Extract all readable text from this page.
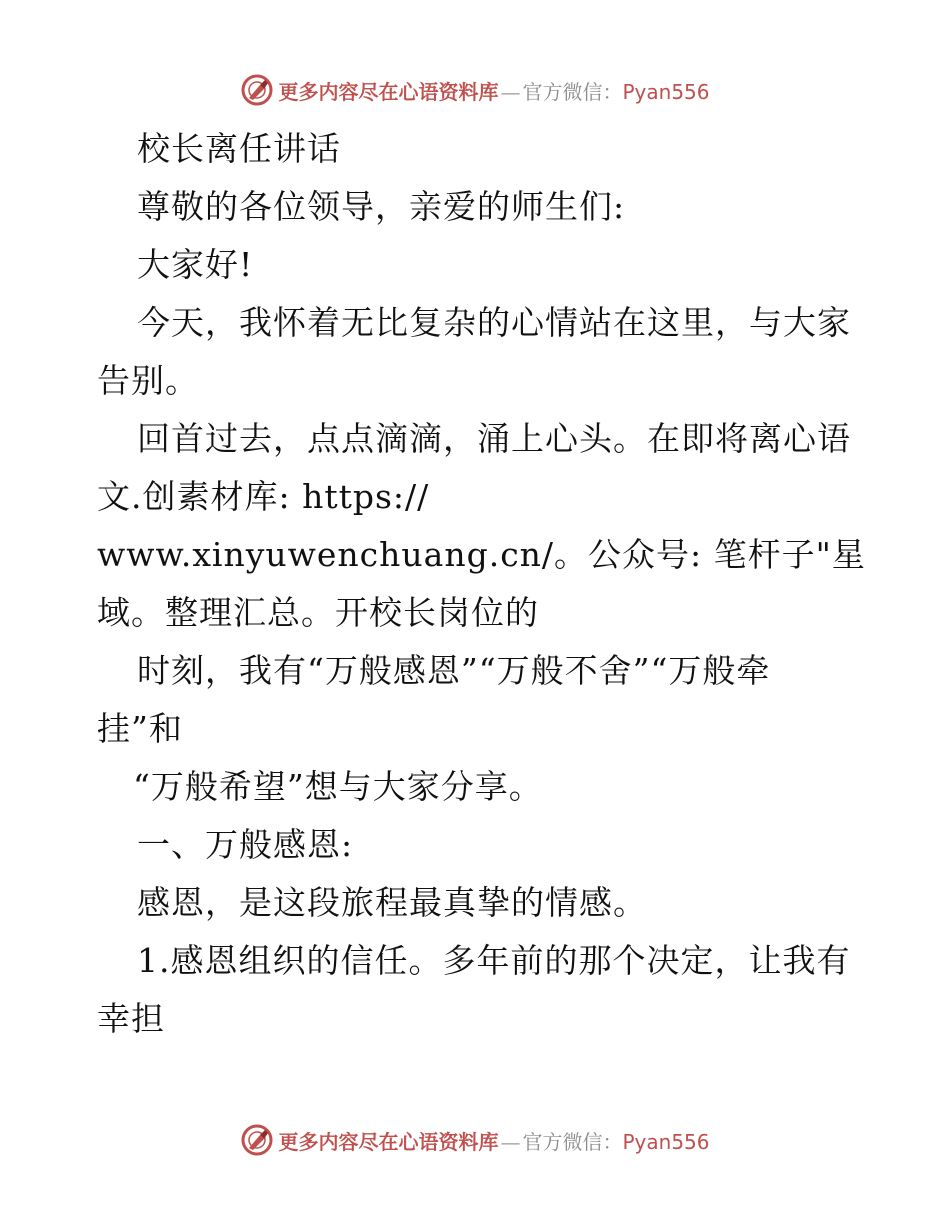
更多内容尽在心语资料库 — 官方微信：Pyan556
校长离任讲话
尊敬的各位领导，亲爱的师生们:
大家好!
今天，我怀着无比复杂的心情站在这里，与大家
告别。
回首过去，点点滴滴，涌上心头。在即将离心语
文.创素材库: https://
www.xinyuwenchuang.cn/。公众号: 笔杆子"星
域。整理汇总。开校长岗位的
时刻，我有“万般感恩”“万般不舍”“万般牵
挂”和
“万般希望”想与大家分享。
一、万般感恩:
感恩，是这段旅程最真挚的情感。
1.感恩组织的信任。多年前的那个决定，让我有
幸担
更多内容尽在心语资料库 — 官方微信：Pyan556
